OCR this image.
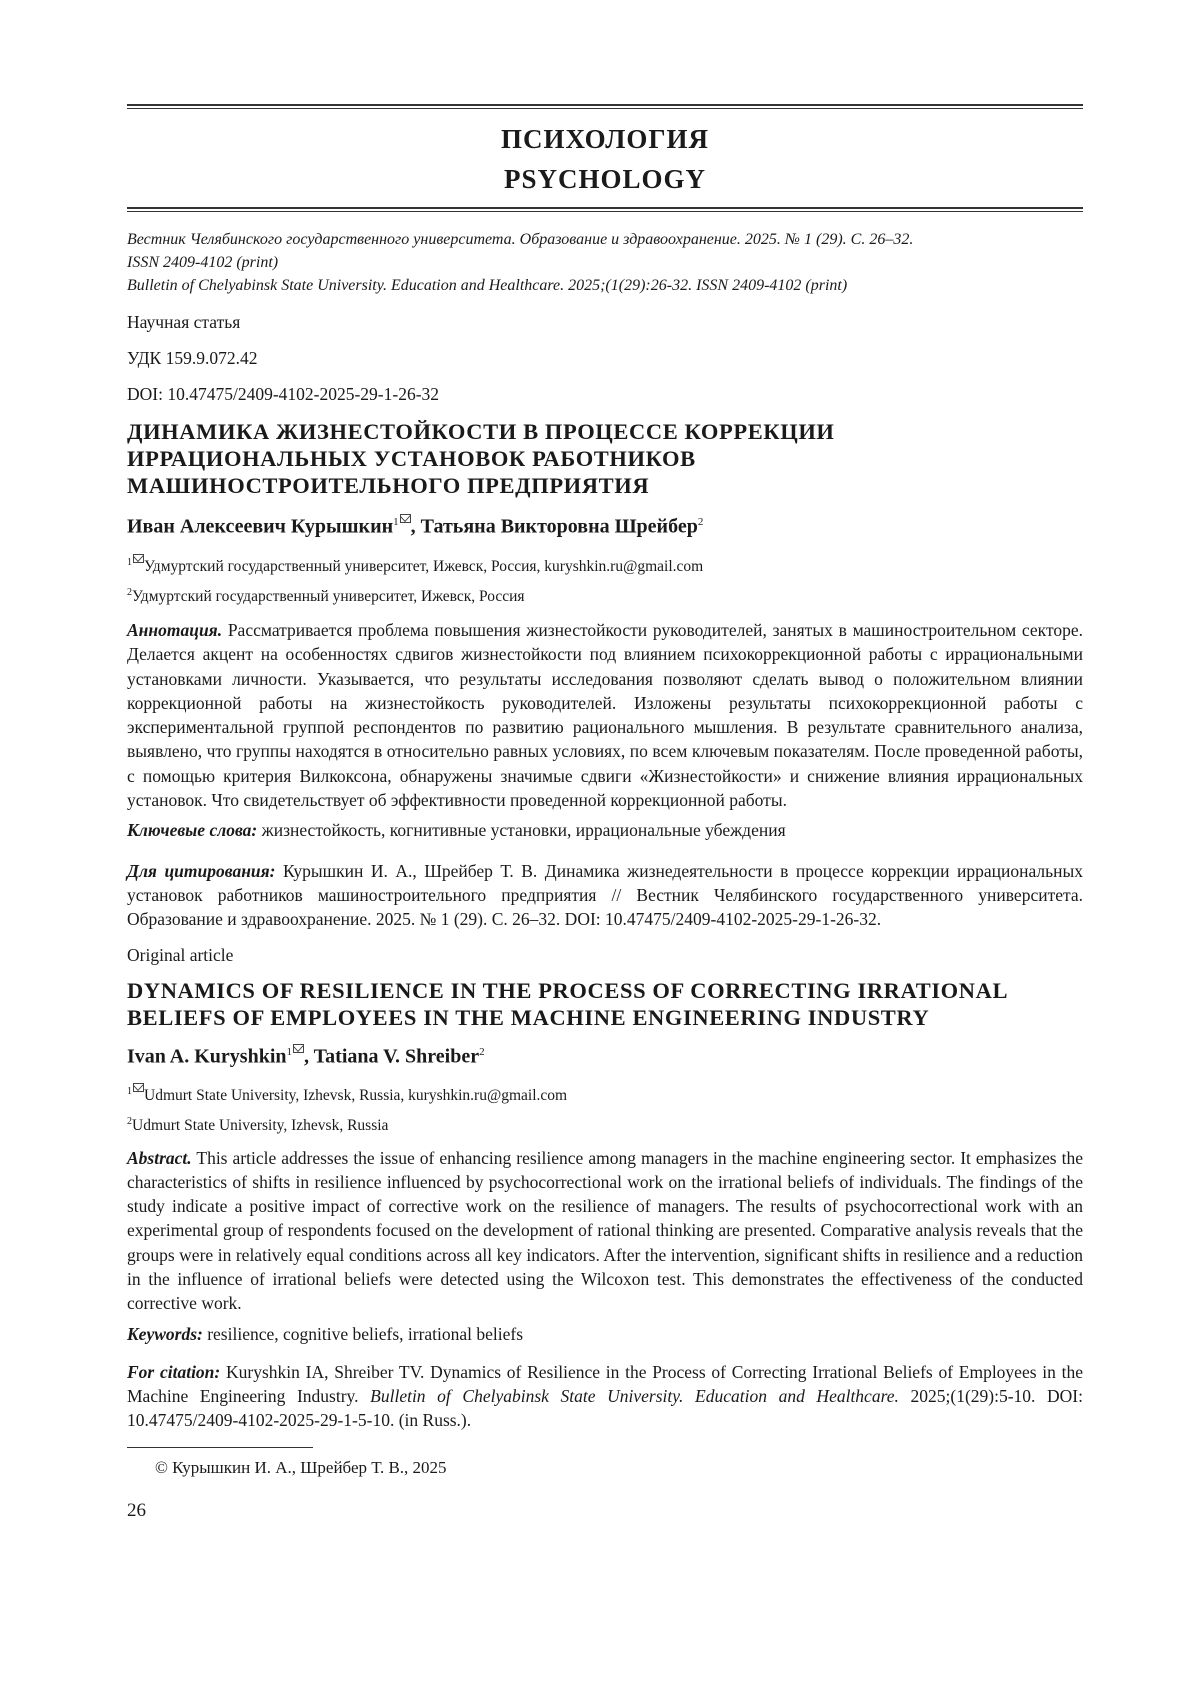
ПСИХОЛОГИЯ
PSYCHOLOGY
Вестник Челябинского государственного университета. Образование и здравоохранение. 2025. № 1 (29). С. 26–32.
ISSN 2409-4102 (print)
Bulletin of Chelyabinsk State University. Education and Healthcare. 2025;(1(29):26-32. ISSN 2409-4102 (print)
Научная статья
УДК 159.9.072.42
DOI: 10.47475/2409-4102-2025-29-1-26-32
ДИНАМИКА ЖИЗНЕСТОЙКОСТИ В ПРОЦЕССЕ КОРРЕКЦИИ
ИРРАЦИОНАЛЬНЫХ УСТАНОВОК РАБОТНИКОВ
МАШИНОСТРОИТЕЛЬНОГО ПРЕДПРИЯТИЯ
Иван Алексеевич Курышкин$^1$ , Татьяна Викторовна Шрейбер$^2$
$^1$ Удмуртский государственный университет, Ижевск, Россия, kuryshkin.ru@gmail.com
$^2$Удмуртский государственный университет, Ижевск, Россия
Аннотация. Рассматривается проблема повышения жизнестойкости руководителей, занятых в машиностроительном секторе. Делается акцент на особенностях сдвигов жизнестойкости под влиянием психокоррекционной работы с иррациональными установками личности. Указывается, что результаты исследования позволяют сделать вывод о положительном влиянии коррекционной работы на жизнестойкость руководителей. Изложены результаты психокоррекционной работы с экспериментальной группой респондентов по развитию рационального мышления. В результате сравнительного анализа, выявлено, что группы находятся в относительно равных условиях, по всем ключевым показателям. После проведенной работы, с помощью критерия Вилкоксона, обнаружены значимые сдвиги «Жизнестойкости» и снижение влияния иррациональных установок. Что свидетельствует об эффективности проведенной коррекционной работы.
Ключевые слова: жизнестойкость, когнитивные установки, иррациональные убеждения
Для цитирования: Курышкин И. А., Шрейбер Т. В. Динамика жизнедеятельности в процессе коррекции иррациональных установок работников машиностроительного предприятия // Вестник Челябинского государственного университета. Образование и здравоохранение. 2025. № 1 (29). С. 26–32. DOI: 10.47475/2409-4102-2025-29-1-26-32.
Original article
DYNAMICS OF RESILIENCE IN THE PROCESS OF CORRECTING IRRATIONAL
BELIEFS OF EMPLOYEES IN THE MACHINE ENGINEERING INDUSTRY
Ivan A. Kuryshkin$^1$ , Tatiana V. Shreiber$^2$
$^1$ Udmurt State University, Izhevsk, Russia, kuryshkin.ru@gmail.com
$^2$Udmurt State University, Izhevsk, Russia
Abstract. This article addresses the issue of enhancing resilience among managers in the machine engineering sector. It emphasizes the characteristics of shifts in resilience influenced by psychocorrectional work on the irrational beliefs of individuals. The findings of the study indicate a positive impact of corrective work on the resilience of managers. The results of psychocorrectional work with an experimental group of respondents focused on the development of rational thinking are presented. Comparative analysis reveals that the groups were in relatively equal conditions across all key indicators. After the intervention, significant shifts in resilience and a reduction in the influence of irrational beliefs were detected using the Wilcoxon test. This demonstrates the effectiveness of the conducted corrective work.
Keywords: resilience, cognitive beliefs, irrational beliefs
For citation: Kuryshkin IA, Shreiber TV. Dynamics of Resilience in the Process of Correcting Irrational Beliefs of Employees in the Machine Engineering Industry. Bulletin of Chelyabinsk State University. Education and Healthcare. 2025;(1(29):5-10. DOI: 10.47475/2409-4102-2025-29-1-5-10. (in Russ.).
© Курышкин И. А., Шрейбер Т. В., 2025
26
